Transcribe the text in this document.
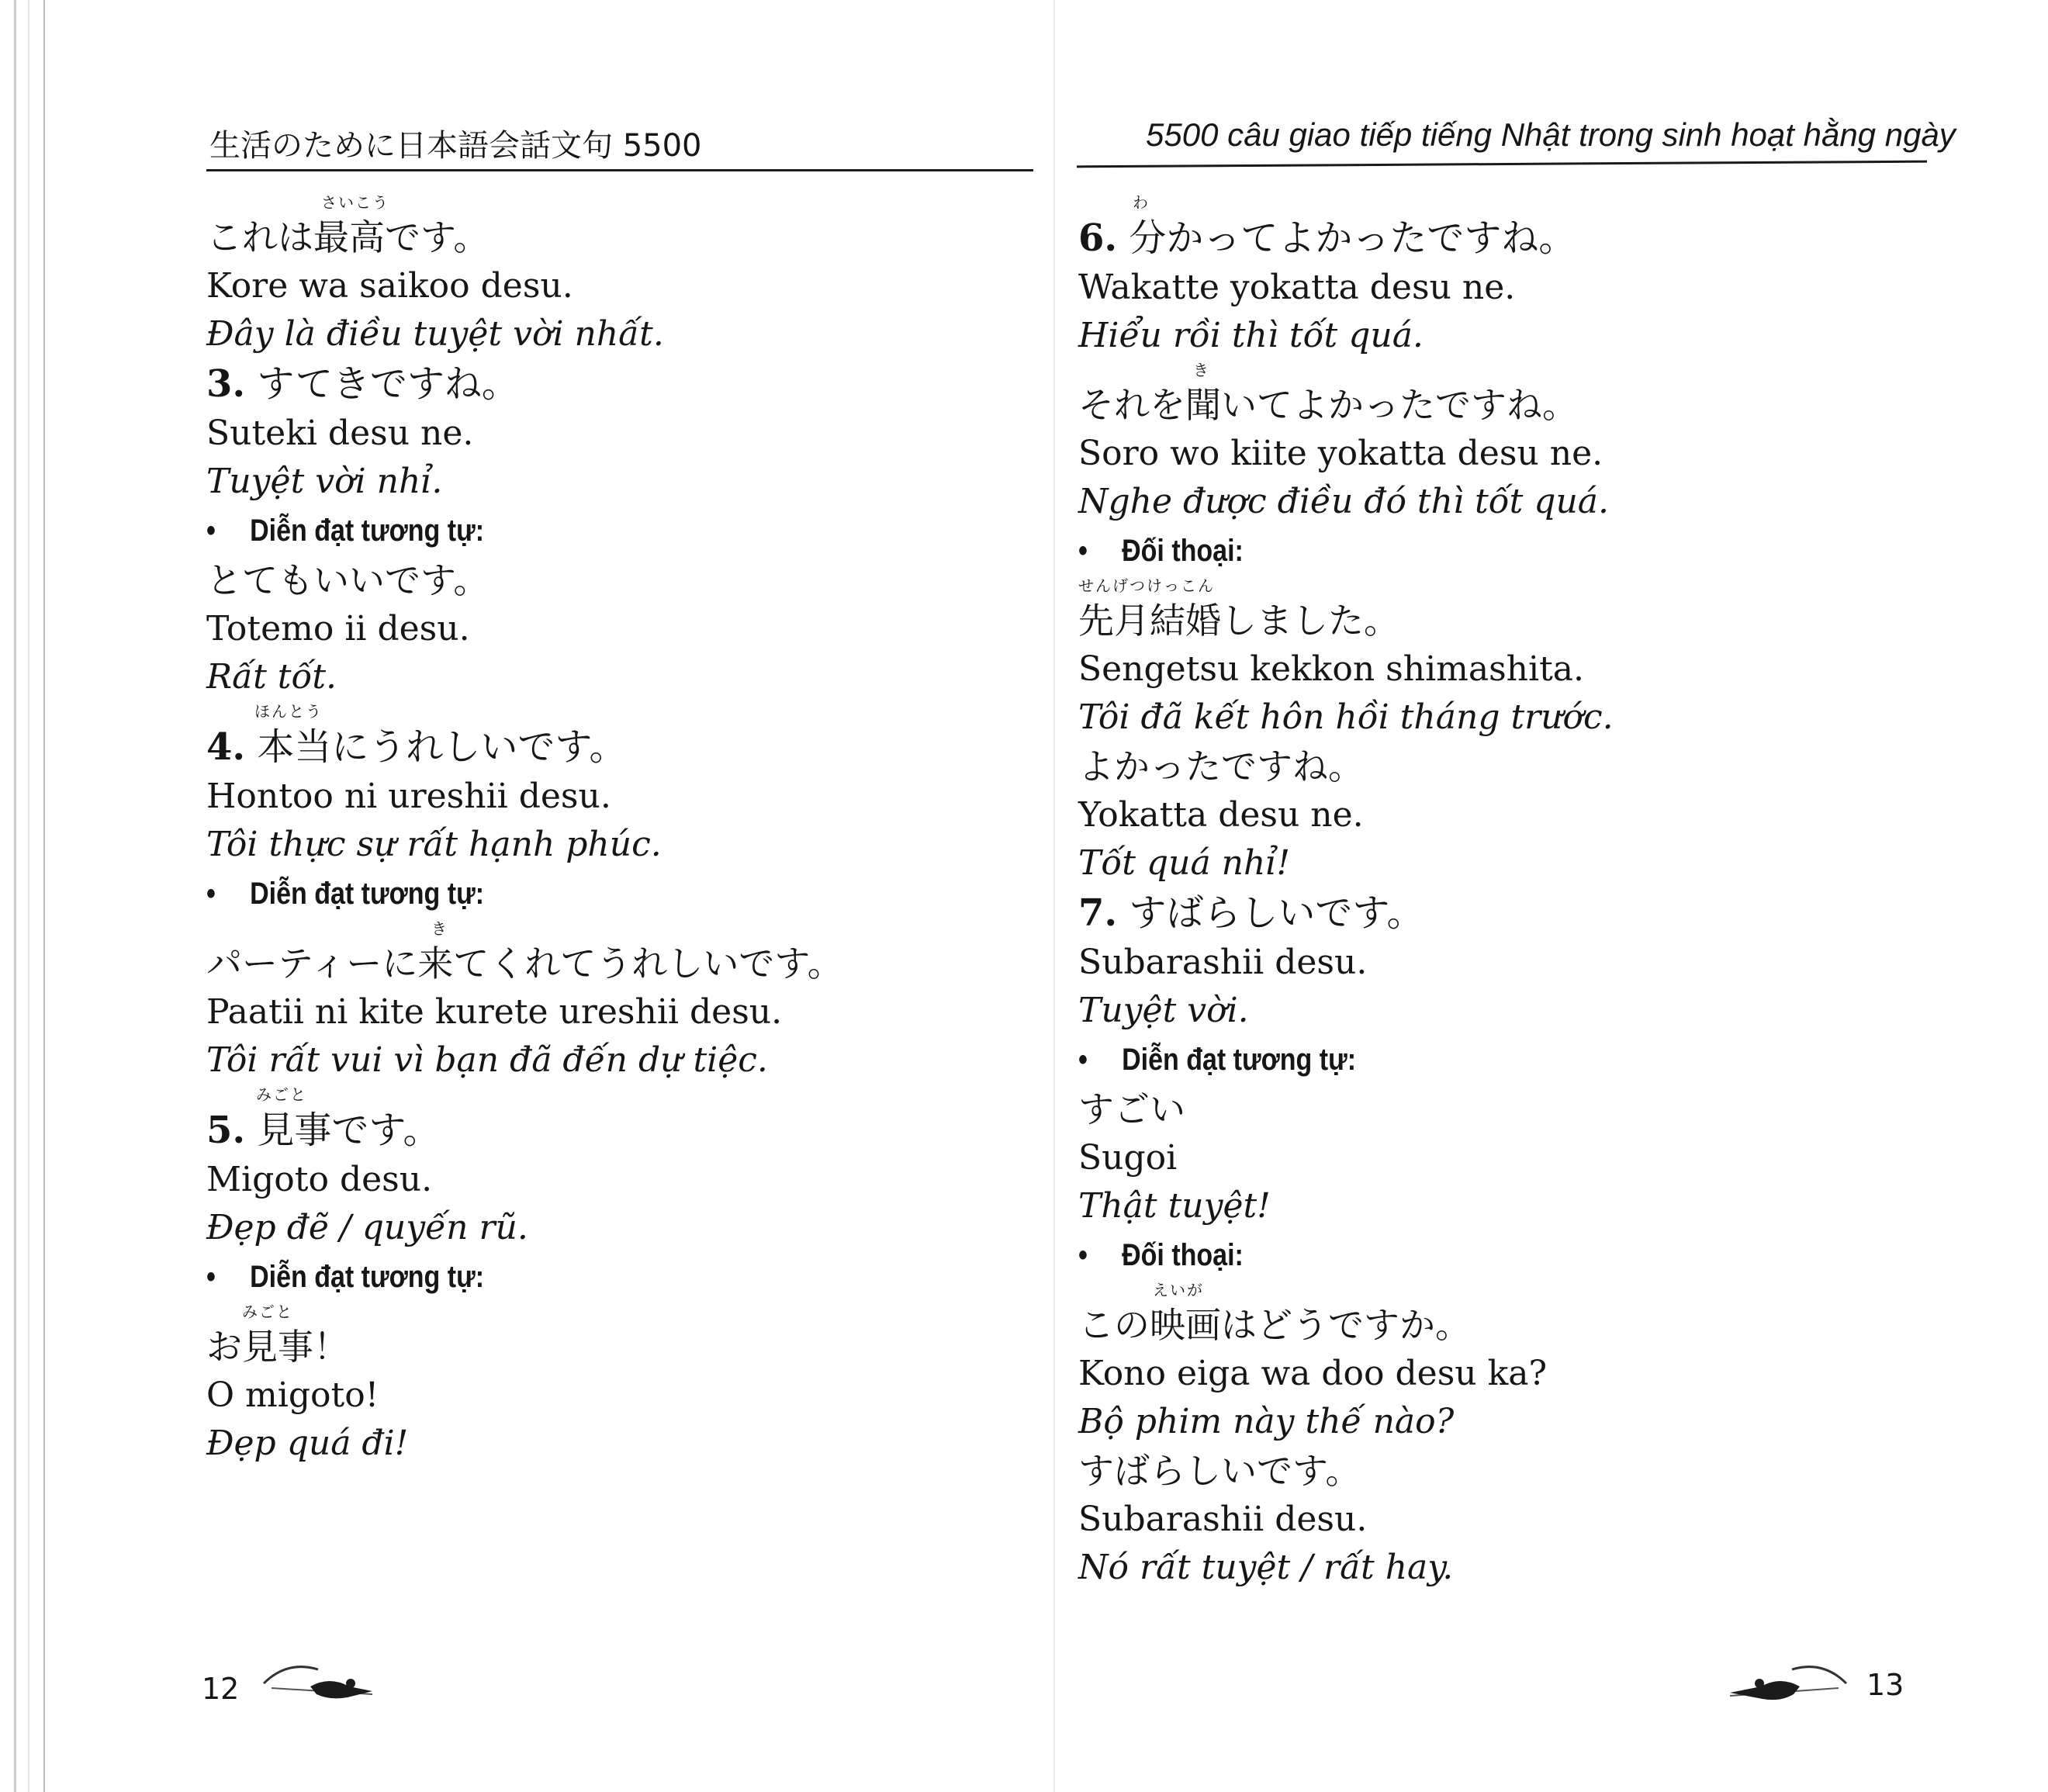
生活のために日本語会話文句 5500
さいこう
これは最高です。
Kore wa saikoo desu.
Đây là điều tuyệt vời nhất.
3. すてきですね。
Suteki desu ne.
Tuyệt vời nhỉ.
• Diễn đạt tương tự:
とてもいいです。
Totemo ii desu.
Rất tốt.
ほんとう
4. 本当にうれしいです。
Hontoo ni ureshii desu.
Tôi thực sự rất hạnh phúc.
• Diễn đạt tương tự:
き
パーティーに来てくれてうれしいです。
Paatii ni kite kurete ureshii desu.
Tôi rất vui vì bạn đã đến dự tiệc.
みごと
5. 見事です。
Migoto desu.
Đẹp đẽ / quyến rũ.
• Diễn đạt tương tự:
みごと
お見事！
O migoto!
Đẹp quá đi!
5500 câu giao tiếp tiếng Nhật trong sinh hoạt hằng ngày
わ
6. 分かってよかったですね。
Wakatte yokatta desu ne.
Hiểu rồi thì tốt quá.
き
それを聞いてよかったですね。
Soro wo kiite yokatta desu ne.
Nghe được điều đó thì tốt quá.
• Đối thoại:
せんげつけっこん
先月結婚しました。
Sengetsu kekkon shimashita.
Tôi đã kết hôn hồi tháng trước.
よかったですね。
Yokatta desu ne.
Tốt quá nhỉ!
7. すばらしいです。
Subarashii desu.
Tuyệt vời.
• Diễn đạt tương tự:
すごい
Sugoi
Thật tuyệt!
• Đối thoại:
えいが
この映画はどうですか。
Kono eiga wa doo desu ka?
Bộ phim này thế nào?
すばらしいです。
Subarashii desu.
Nó rất tuyệt / rất hay.
12	13
